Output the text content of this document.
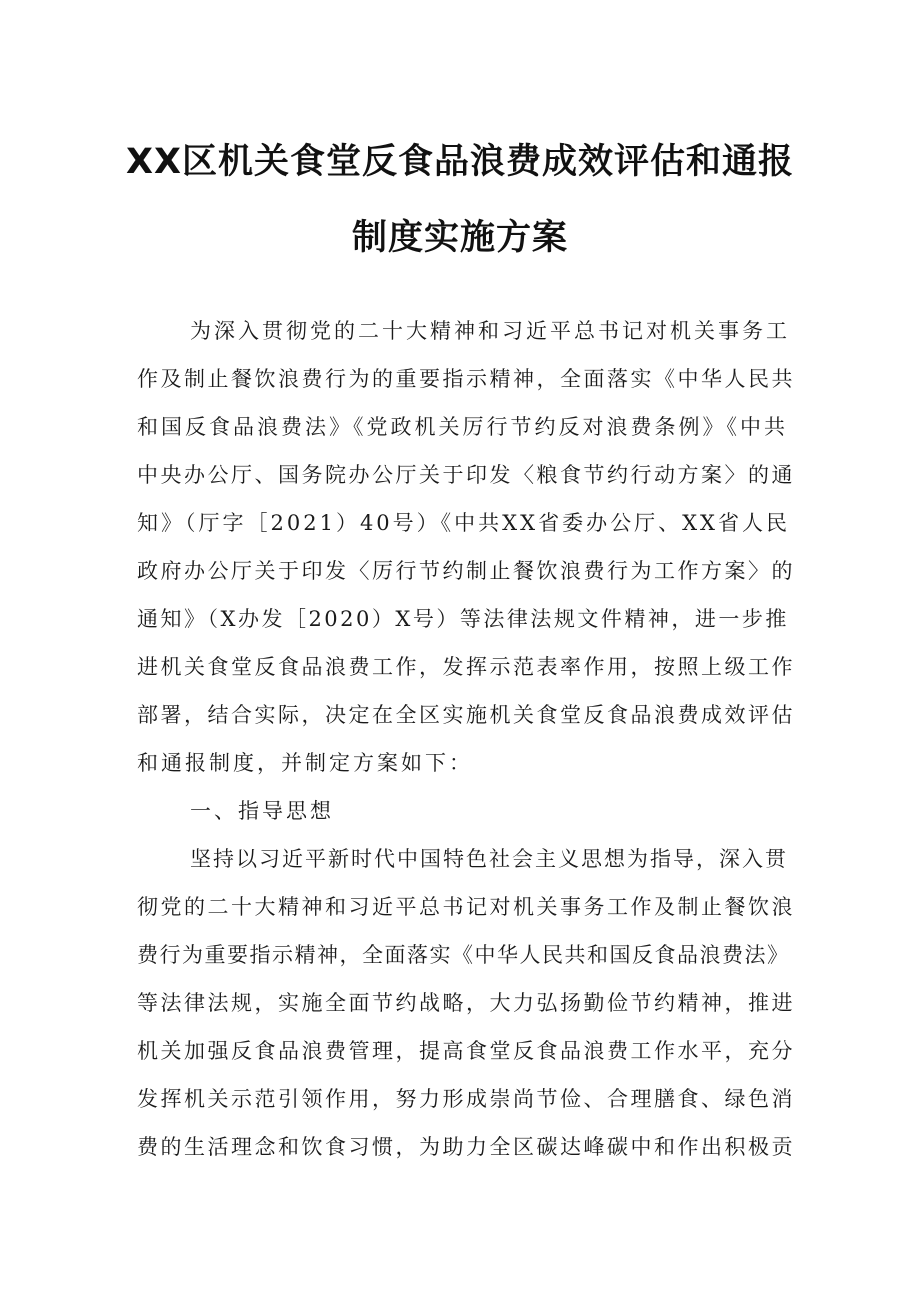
XX区机关食堂反食品浪费成效评估和通报
制度实施方案
为深入贯彻党的二十大精神和习近平总书记对机关事务工
作及制止餐饮浪费行为的重要指示精神，全面落实《中华人民共
和国反食品浪费法》《党政机关厉行节约反对浪费条例》《中共
中央办公厅、国务院办公厅关于印发〈粮食节约行动方案〉的通
知》（厅字［2021）40号）《中共XX省委办公厅、XX省人民
政府办公厅关于印发〈厉行节约制止餐饮浪费行为工作方案〉的
通知》（X办发［2020）X号）等法律法规文件精神，进一步推
进机关食堂反食品浪费工作，发挥示范表率作用，按照上级工作
部署，结合实际，决定在全区实施机关食堂反食品浪费成效评估
和通报制度，并制定方案如下：
一、指导思想
坚持以习近平新时代中国特色社会主义思想为指导，深入贯
彻党的二十大精神和习近平总书记对机关事务工作及制止餐饮浪
费行为重要指示精神，全面落实《中华人民共和国反食品浪费法》
等法律法规，实施全面节约战略，大力弘扬勤俭节约精神，推进
机关加强反食品浪费管理，提高食堂反食品浪费工作水平，充分
发挥机关示范引领作用，努力形成崇尚节俭、合理膳食、绿色消
费的生活理念和饮食习惯，为助力全区碳达峰碳中和作出积极贡
